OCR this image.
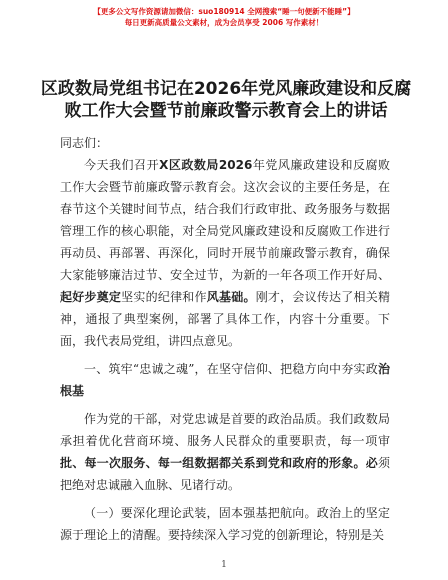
【更多公文写作资源请加微信：suo180914 全网搜索“睡一句便新不能睡”】
每日更新高质量公文素材，成为会员享受 2006 写作素材！
区政数局党组书记在2026年党风廉政建设和反腐败工作大会暨节前廉政警示教育会上的讲话

同志们：

今天我们召开X区政数局2026年党风廉政建设和反腐败工作大会暨节前廉政警示教育会。这次会议的主要任务是，在春节这个关键时间节点，结合我们行政审批、政务服务与数据管理工作的核心职能，对全局党风廉政建设和反腐败工作进行再动员、再部署、再深化，同时开展节前廉政警示教育，确保大家能够廉洁过节、安全过节，为新的一年各项工作开好局、起好步奠定坚实的纪律和作风基础。刚才，会议传达了相关精神，通报了典型案例，部署了具体工作，内容十分重要。下面，我代表局党组，讲四点意见。

一、筑牢“忠诚之魂”，在坚守信仰、把稳方向中夯实政治根基

作为党的干部，对党忠诚是首要的政治品质。我们政数局承担着优化营商环境、服务人民群众的重要职责，每一项审批、每一次服务、每一组数据都关系到党和政府的形象。必须把绝对忠诚融入血脉、见诸行动。

（一）要深化理论武装，固本强基把航向。政治上的坚定源于理论上的清醒。要持续深入学习党的创新理论，特别是关

1
